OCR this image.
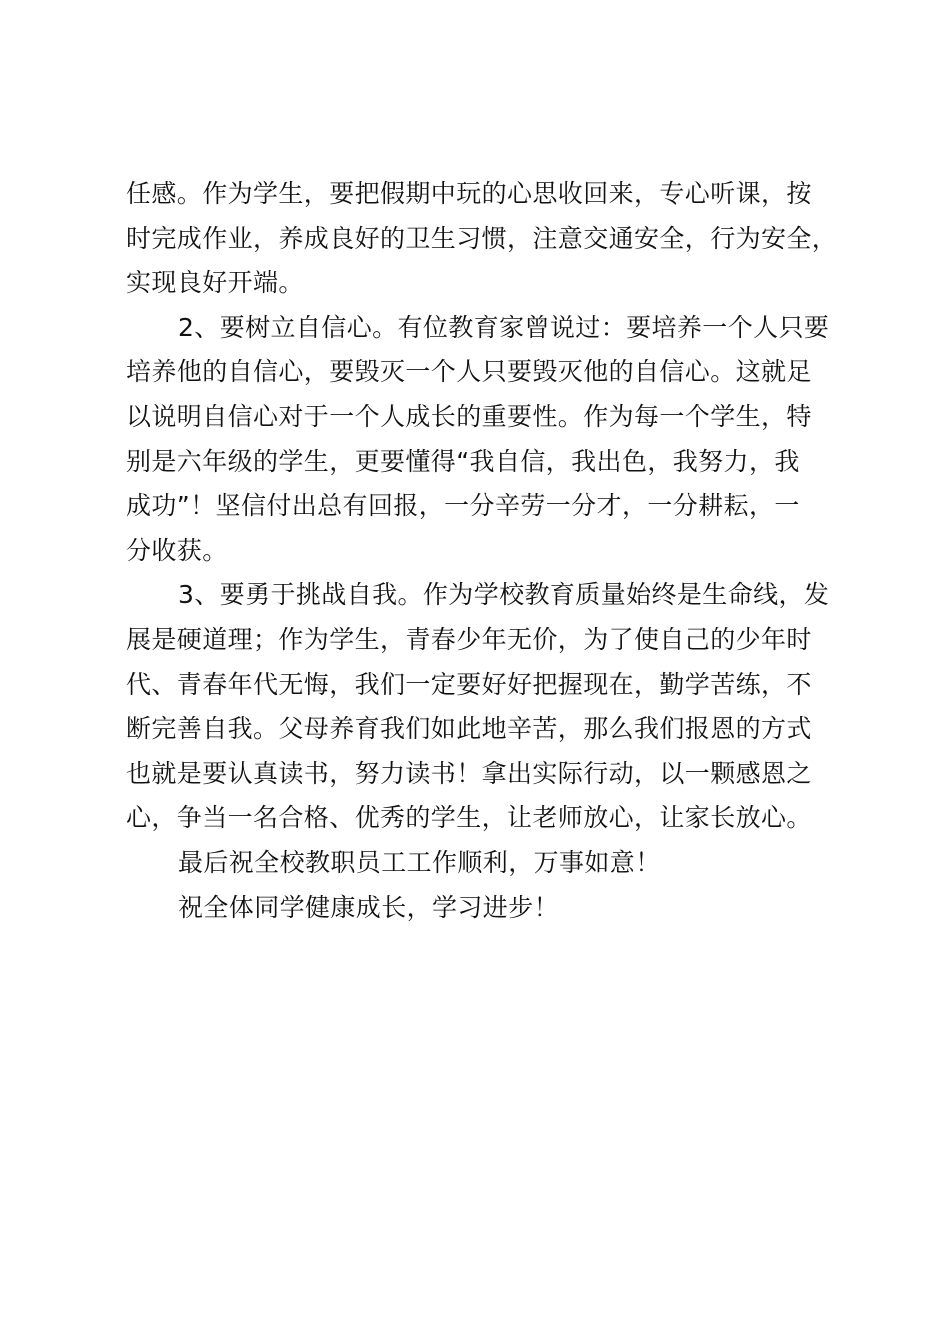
任感。作为学生，要把假期中玩的心思收回来，专心听课，按
时完成作业，养成良好的卫生习惯，注意交通安全，行为安全，
实现良好开端。

2、要树立自信心。有位教育家曾说过：要培养一个人只要
培养他的自信心，要毁灭一个人只要毁灭他的自信心。这就足
以说明自信心对于一个人成长的重要性。作为每一个学生，特
别是六年级的学生，更要懂得“我自信，我出色，我努力，我
成功”！坚信付出总有回报，一分辛劳一分才，一分耕耘，一
分收获。

3、要勇于挑战自我。作为学校教育质量始终是生命线，发
展是硬道理；作为学生，青春少年无价，为了使自己的少年时
代、青春年代无悔，我们一定要好好把握现在，勤学苦练，不
断完善自我。父母养育我们如此地辛苦，那么我们报恩的方式
也就是要认真读书，努力读书！拿出实际行动，以一颗感恩之
心，争当一名合格、优秀的学生，让老师放心，让家长放心。

最后祝全校教职员工工作顺利，万事如意！

祝全体同学健康成长，学习进步！
